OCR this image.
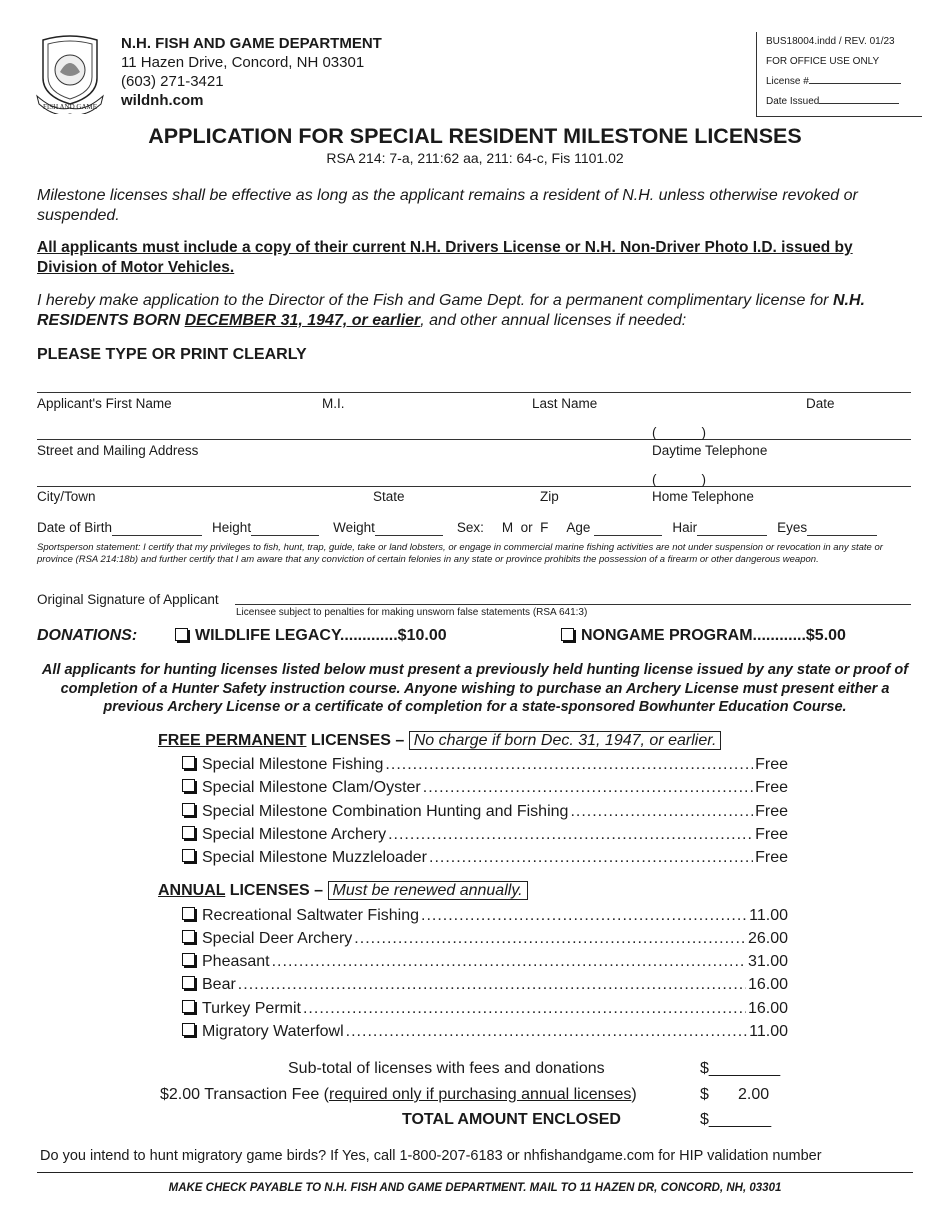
FISH AND GAME
N.H. FISH AND GAME DEPARTMENT
11 Hazen Drive, Concord, NH 03301
(603) 271-3421
wildnh.com
BUS18004.indd / REV. 01/23
FOR OFFICE USE ONLY
License #
Date Issued
APPLICATION FOR SPECIAL RESIDENT MILESTONE LICENSES
RSA 214: 7-a, 211:62 aa, 211: 64-c, Fis 1101.02
Milestone licenses shall be effective as long as the applicant remains a resident of N.H. unless otherwise revoked or suspended.
All applicants must include a copy of their current N.H. Drivers License or N.H. Non-Driver Photo I.D. issued by Division of Motor Vehicles.
I hereby make application to the Director of the Fish and Game Dept. for a permanent complimentary license for N.H. RESIDENTS BORN DECEMBER 31, 1947, or earlier, and other annual licenses if needed:
PLEASE TYPE OR PRINT CLEARLY
Applicant's First Name	M.I.	Last Name	Date
(______)
Street and Mailing Address	Daytime Telephone
(______)
City/Town	State	Zip	Home Telephone
Date of Birth	Height	Weight	Sex: M  or  F Age	Hair	Eyes
Sportsperson statement: I certify that my privileges to fish, hunt, trap, guide, take or land lobsters, or engage in commercial marine fishing activities are not under suspension or revocation in any state or province (RSA 214:18b) and further certify that I am aware that any conviction of certain felonies in any state or province prohibits the possession of a firearm or other dangerous weapon.
Original Signature of Applicant
Licensee subject to penalties for making unsworn false statements (RSA 641:3)
DONATIONS:	WILDLIFE LEGACY.............$10.00	NONGAME PROGRAM............$5.00
All applicants for hunting licenses listed below must present a previously held hunting license issued by any state or proof of completion of a Hunter Safety instruction course. Anyone wishing to purchase an Archery License must present either a previous Archery License or a certificate of completion for a state-sponsored Bowhunter Education Course.
FREE PERMANENT LICENSES – No charge if born Dec. 31, 1947, or earlier.
Special Milestone Fishing .....	Free
Special Milestone Clam/Oyster .....	Free
Special Milestone Combination Hunting and Fishing .....	Free
Special Milestone Archery .....	Free
Special Milestone Muzzleloader .....	Free
ANNUAL LICENSES – Must be renewed annually.
Recreational Saltwater Fishing .....	11.00
Special Deer Archery .....	26.00
Pheasant .....	31.00
Bear .....	16.00
Turkey Permit .....	16.00
Migratory Waterfowl .....	11.00
Sub-total of licenses with fees and donations	$________
$2.00 Transaction Fee (required only if purchasing annual licenses)	$ 2.00
TOTAL AMOUNT ENCLOSED	$_______
Do you intend to hunt migratory game birds? If Yes, call 1-800-207-6183 or nhfishandgame.com for HIP validation number
MAKE CHECK PAYABLE TO N.H. FISH AND GAME DEPARTMENT. MAIL TO 11 HAZEN DR, CONCORD, NH, 03301
